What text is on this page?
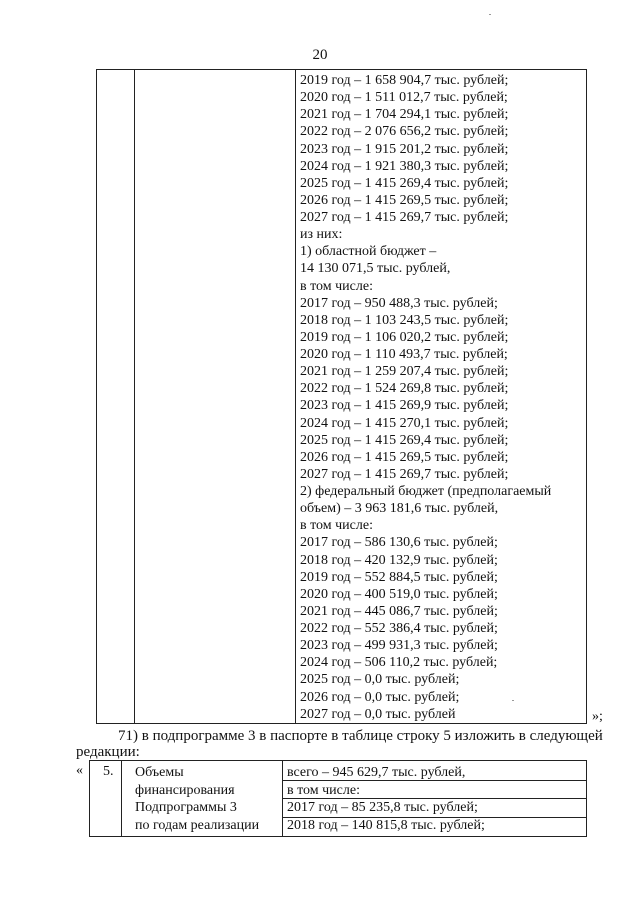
20
2019 год – 1 658 904,7 тыс. рублей;
2020 год – 1 511 012,7 тыс. рублей;
2021 год – 1 704 294,1 тыс. рублей;
2022 год – 2 076 656,2 тыс. рублей;
2023 год – 1 915 201,2 тыс. рублей;
2024 год – 1 921 380,3 тыс. рублей;
2025 год – 1 415 269,4 тыс. рублей;
2026 год – 1 415 269,5 тыс. рублей;
2027 год – 1 415 269,7 тыс. рублей;
из них:
1) областной бюджет –
14 130 071,5 тыс. рублей,
в том числе:
2017 год – 950 488,3 тыс. рублей;
2018 год – 1 103 243,5 тыс. рублей;
2019 год – 1 106 020,2 тыс. рублей;
2020 год – 1 110 493,7 тыс. рублей;
2021 год – 1 259 207,4 тыс. рублей;
2022 год – 1 524 269,8 тыс. рублей;
2023 год – 1 415 269,9 тыс. рублей;
2024 год – 1 415 270,1 тыс. рублей;
2025 год – 1 415 269,4 тыс. рублей;
2026 год – 1 415 269,5 тыс. рублей;
2027 год – 1 415 269,7 тыс. рублей;
2) федеральный бюджет (предполагаемый
объем) – 3 963 181,6 тыс. рублей,
в том числе:
2017 год – 586 130,6 тыс. рублей;
2018 год – 420 132,9 тыс. рублей;
2019 год – 552 884,5 тыс. рублей;
2020 год – 400 519,0 тыс. рублей;
2021 год – 445 086,7 тыс. рублей;
2022 год – 552 386,4 тыс. рублей;
2023 год – 499 931,3 тыс. рублей;
2024 год – 506 110,2 тыс. рублей;
2025 год – 0,0 тыс. рублей;
2026 год – 0,0 тыс. рублей;
2027 год – 0,0 тыс. рублей	»;
71) в подпрограмме 3 в паспорте в таблице строку 5 изложить в следующей
редакции:
« 5. Объемы
финансирования
Подпрограммы 3
по годам реализации
всего – 945 629,7 тыс. рублей,
в том числе:
2017 год – 85 235,8 тыс. рублей;
2018 год – 140 815,8 тыс. рублей;
